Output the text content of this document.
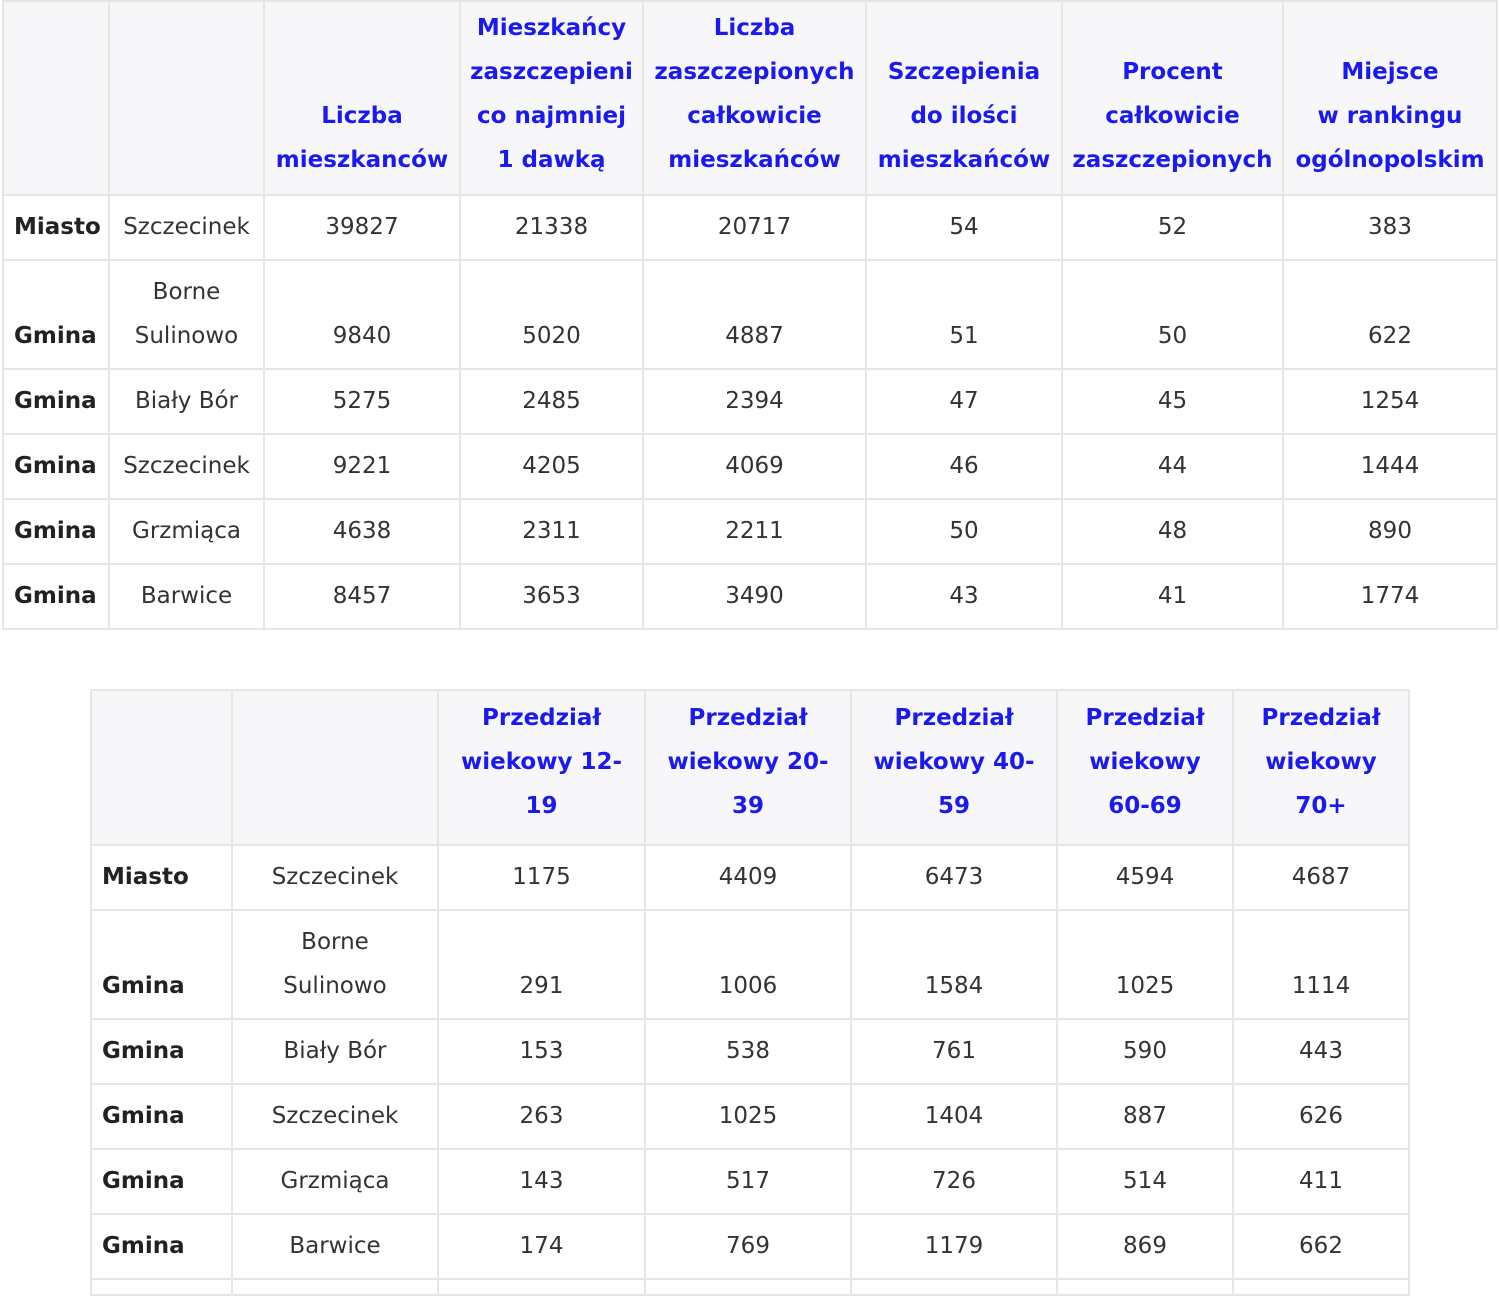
		Liczba
mieszkanców	Mieszkańcy
zaszczepieni
co najmniej
1 dawką	Liczba
zaszczepionych
całkowicie
mieszkańców	Szczepienia
do ilości
mieszkańców	Procent
całkowicie
zaszczepionych	Miejsce
w rankingu
ogólnopolskim
Miasto	Szczecinek	39827	21338	20717	54	52	383
Gmina	Borne
Sulinowo	9840	5020	4887	51	50	622
Gmina	Biały Bór	5275	2485	2394	47	45	1254
Gmina	Szczecinek	9221	4205	4069	46	44	1444
Gmina	Grzmiąca	4638	2311	2211	50	48	890
Gmina	Barwice	8457	3653	3490	43	41	1774
		Przedział
wiekowy 12-
19	Przedział
wiekowy 20-
39	Przedział
wiekowy 40-
59	Przedział
wiekowy
60-69	Przedział
wiekowy
70+
Miasto	Szczecinek	1175	4409	6473	4594	4687
Gmina	Borne
Sulinowo	291	1006	1584	1025	1114
Gmina	Biały Bór	153	538	761	590	443
Gmina	Szczecinek	263	1025	1404	887	626
Gmina	Grzmiąca	143	517	726	514	411
Gmina	Barwice	174	769	1179	869	662
